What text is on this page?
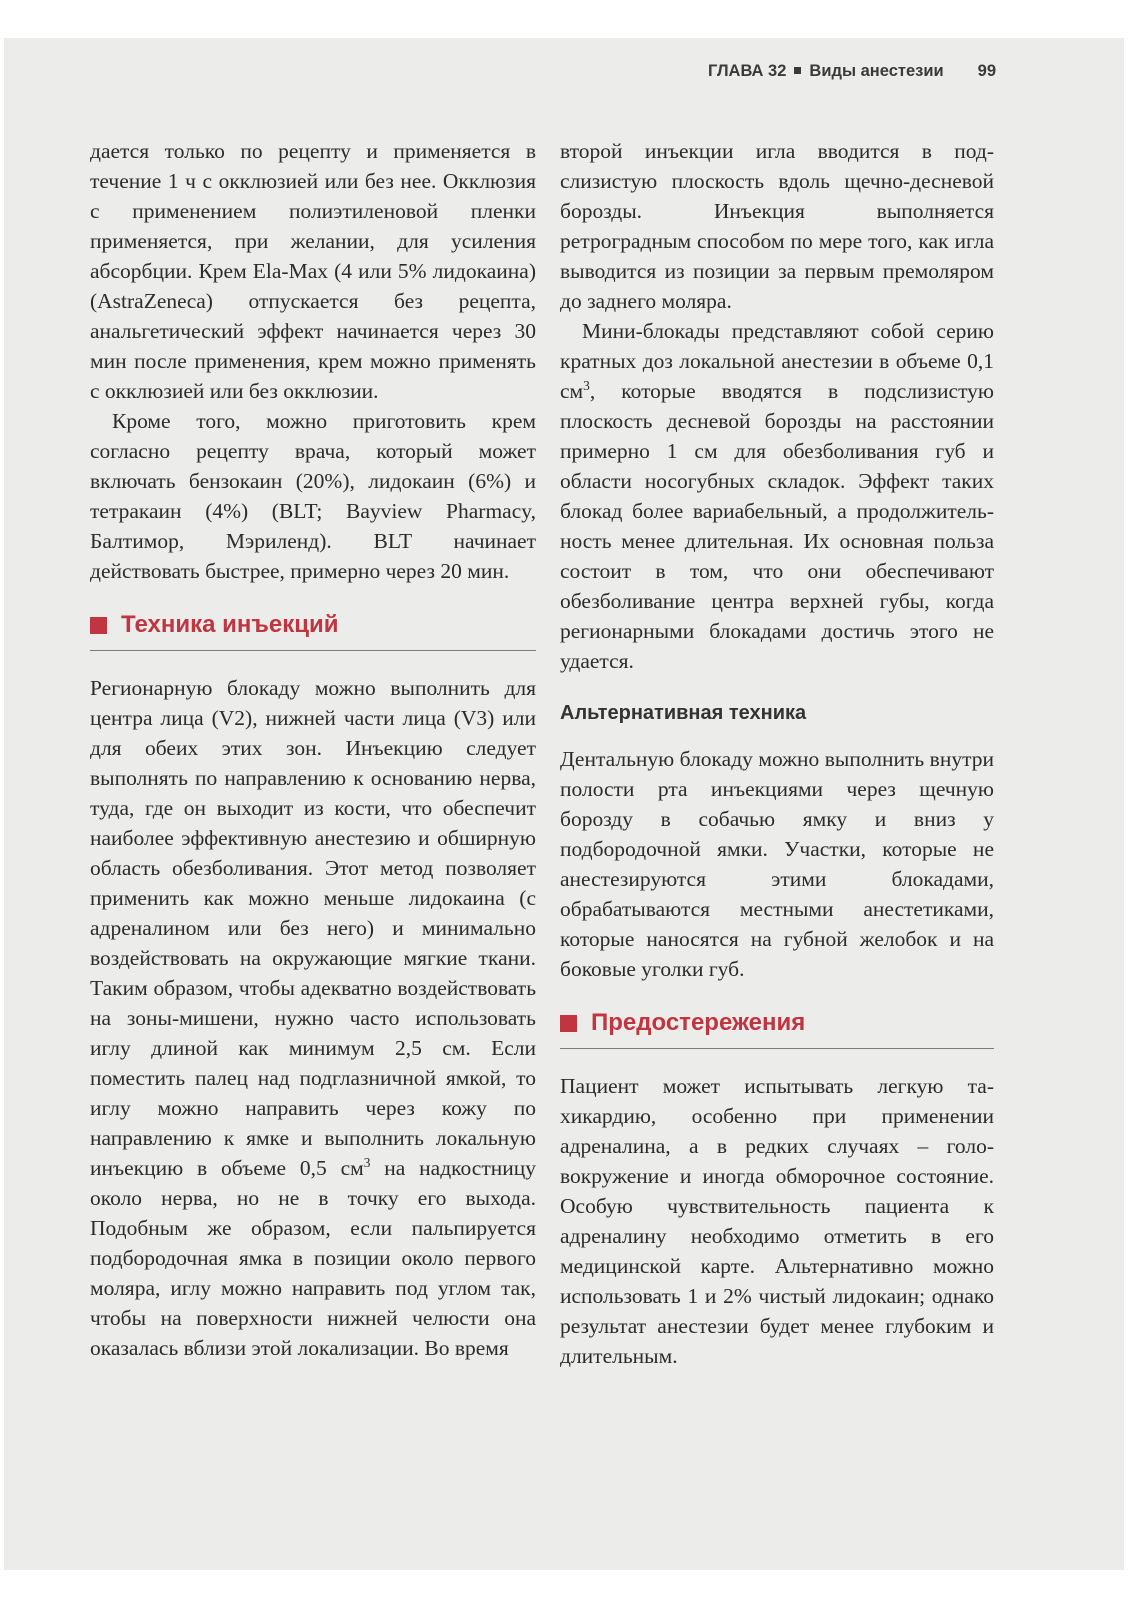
ГЛАВА 32 Виды анестезии 99

дается только по рецепту и применяется в течение 1 ч с окклюзией или без нее. Окклюзия с применением полиэтиленовой пленки применяется, при желании, для усиления абсорбции. Крем Ela-Max (4 или 5% лидокаина) (AstraZeneca) отпускается без рецепта, анальгетический эффект начинается через 30 мин после применения, крем можно применять с окклюзией или без окклюзии.

Кроме того, можно приготовить крем согласно рецепту врача, который может включать бензокаин (20%), лидокаин (6%) и тетракаин (4%) (BLT; Bayview Pharmacy, Балтимор, Мэриленд). BLT начинает действовать быстрее, примерно через 20 мин.

Техника инъекций

Регионарную блокаду можно выполнить для центра лица (V2), нижней части лица (V3) или для обеих этих зон. Инъекцию следует выполнять по направлению к основанию нерва, туда, где он выходит из кости, что обеспечит наиболее эффективную анестезию и обширную область обезболивания. Этот метод позволяет применить как можно меньше лидокаина (с адреналином или без него) и минимально воздействовать на окружающие мягкие ткани. Таким образом, чтобы адекватно воздействовать на зоны-мишени, нужно часто использовать иглу длиной как минимум 2,5 см. Если поместить палец над подглазничной ямкой, то иглу можно направить через кожу по направлению к ямке и выполнить локальную инъекцию в объеме 0,5 $см^3$ на надкостницу около нерва, но не в точку его выхода. Подобным же образом, если пальпируется подбородочная ямка в позиции около первого моляра, иглу можно направить под углом так, чтобы на поверхности нижней челюсти она оказалась вблизи этой локализации. Во время

второй инъекции игла вводится в подслизистую плоскость вдоль щечно-десневой борозды. Инъекция выполняется ретроградным способом по мере того, как игла выводится из позиции за первым премоляром до заднего моляра.

Мини-блокады представляют собой серию кратных доз локальной анестезии в объеме 0,1 $см^3$, которые вводятся в подслизистую плоскость десневой борозды на расстоянии примерно 1 см для обезболивания губ и области носогубных складок. Эффект таких блокад более вариабельный, а продолжительность менее длительная. Их основная польза состоит в том, что они обеспечивают обезболивание центра верхней губы, когда регионарными блокадами достичь этого не удается.

Альтернативная техника

Дентальную блокаду можно выполнить внутри полости рта инъекциями через щечную борозду в собачью ямку и вниз у подбородочной ямки. Участки, которые не анестезируются этими блокадами, обрабатываются местными анестетиками, которые наносятся на губной желобок и на боковые уголки губ.

Предостережения

Пациент может испытывать легкую тахикардию, особенно при применении адреналина, а в редких случаях – головокружение и иногда обморочное состояние. Особую чувствительность пациента к адреналину необходимо отметить в его медицинской карте. Альтернативно можно использовать 1 и 2% чистый лидокаин; однако результат анестезии будет менее глубоким и длительным.
